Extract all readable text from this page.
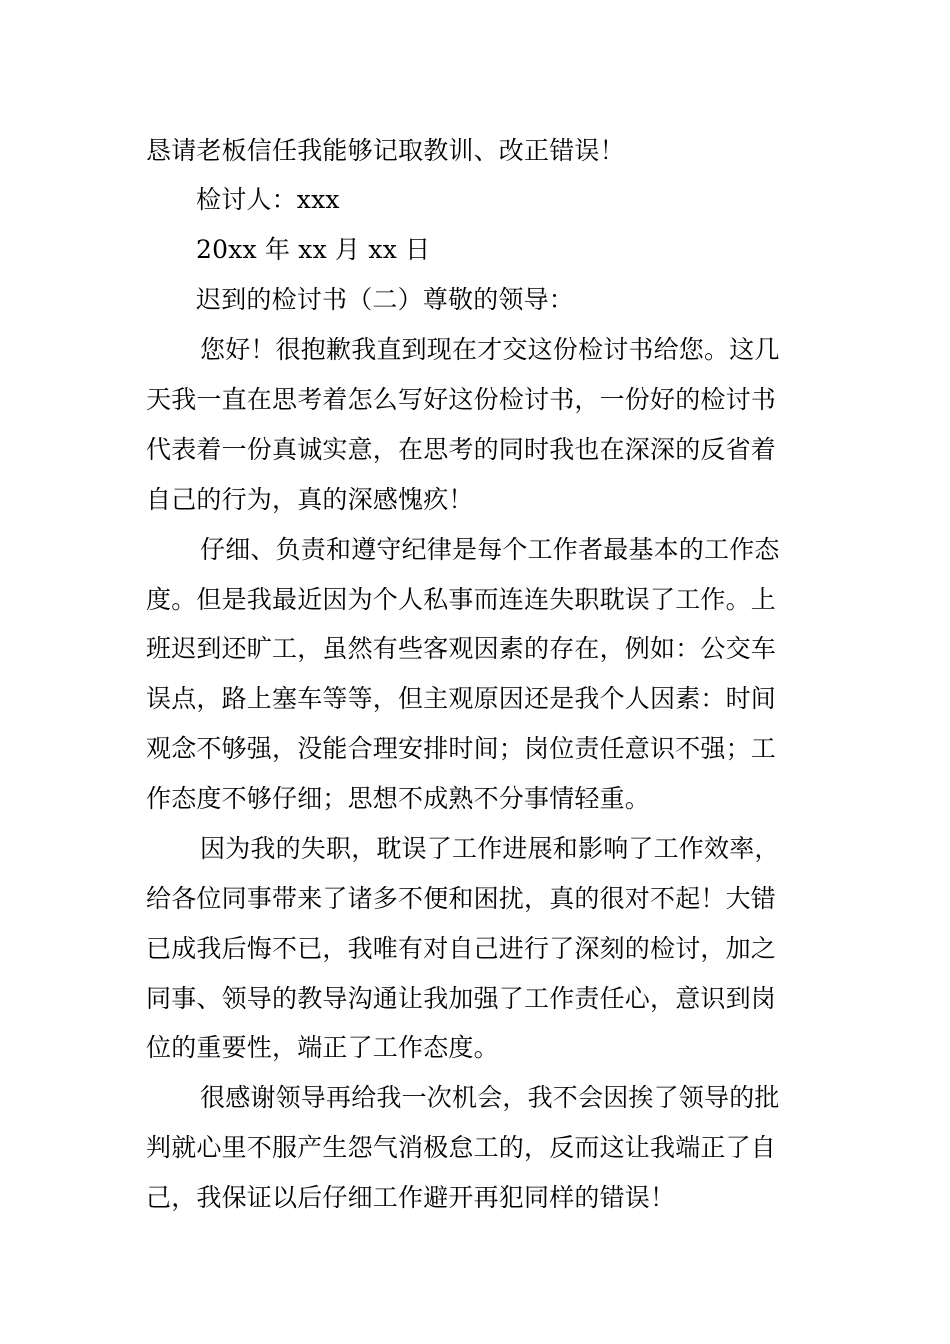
恳请老板信任我能够记取教训、改正错误！
检讨人：xxx
20xx 年 xx 月 xx 日
迟到的检讨书（二）尊敬的领导：
您好！很抱歉我直到现在才交这份检讨书给您。这几
天我一直在思考着怎么写好这份检讨书，一份好的检讨书
代表着一份真诚实意，在思考的同时我也在深深的反省着
自己的行为，真的深感愧疚！
仔细、负责和遵守纪律是每个工作者最基本的工作态
度。但是我最近因为个人私事而连连失职耽误了工作。上
班迟到还旷工，虽然有些客观因素的存在，例如：公交车
误点，路上塞车等等，但主观原因还是我个人因素：时间
观念不够强，没能合理安排时间；岗位责任意识不强；工
作态度不够仔细；思想不成熟不分事情轻重。
因为我的失职，耽误了工作进展和影响了工作效率，
给各位同事带来了诸多不便和困扰，真的很对不起！大错
已成我后悔不已，我唯有对自己进行了深刻的检讨，加之
同事、领导的教导沟通让我加强了工作责任心，意识到岗
位的重要性，端正了工作态度。
很感谢领导再给我一次机会，我不会因挨了领导的批
判就心里不服产生怨气消极怠工的，反而这让我端正了自
己，我保证以后仔细工作避开再犯同样的错误！
